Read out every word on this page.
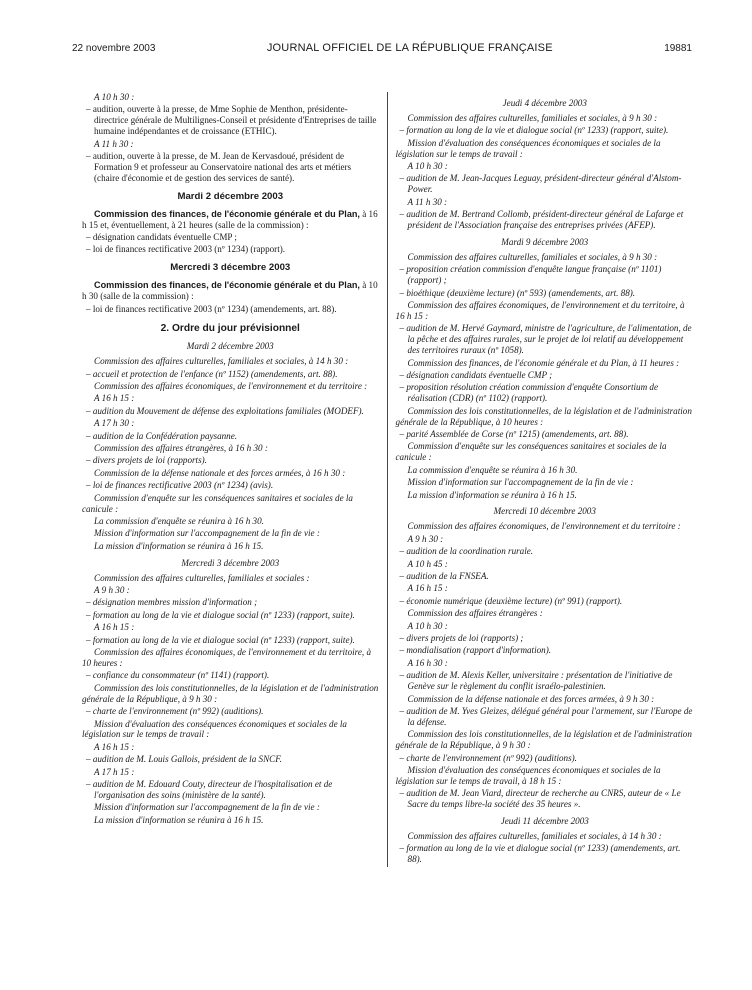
22 novembre 2003	JOURNAL OFFICIEL DE LA RÉPUBLIQUE FRANÇAISE	19881
A 10 h 30 :
– audition, ouverte à la presse, de Mme Sophie de Menthon, présidente-directrice générale de Multilignes-Conseil et présidente d'Entreprises de taille humaine indépendantes et de croissance (ETHIC).
A 11 h 30 :
– audition, ouverte à la presse, de M. Jean de Kervasdoué, président de Formation 9 et professeur au Conservatoire national des arts et métiers (chaire d'économie et de gestion des services de santé).
Mardi 2 décembre 2003
Commission des finances, de l'économie générale et du Plan, à 16 h 15 et, éventuellement, à 21 heures (salle de la commission) :
– désignation candidats éventuelle CMP ;
– loi de finances rectificative 2003 (nº 1234) (rapport).
Mercredi 3 décembre 2003
Commission des finances, de l'économie générale et du Plan, à 10 h 30 (salle de la commission) :
– loi de finances rectificative 2003 (nº 1234) (amendements, art. 88).
2. Ordre du jour prévisionnel
Mardi 2 décembre 2003
Commission des affaires culturelles, familiales et sociales, à 14 h 30 :
– accueil et protection de l'enfance (nº 1152) (amendements, art. 88).
Commission des affaires économiques, de l'environnement et du territoire :
A 16 h 15 :
– audition du Mouvement de défense des exploitations familiales (MODEF).
A 17 h 30 :
– audition de la Confédération paysanne.
Commission des affaires étrangères, à 16 h 30 :
– divers projets de loi (rapports).
Commission de la défense nationale et des forces armées, à 16 h 30 :
– loi de finances rectificative 2003 (nº 1234) (avis).
Commission d'enquête sur les conséquences sanitaires et sociales de la canicule :
La commission d'enquête se réunira à 16 h 30.
Mission d'information sur l'accompagnement de la fin de vie :
La mission d'information se réunira à 16 h 15.
Mercredi 3 décembre 2003
Commission des affaires culturelles, familiales et sociales :
A 9 h 30 :
– désignation membres mission d'information ;
– formation au long de la vie et dialogue social (nº 1233) (rapport, suite).
A 16 h 15 :
– formation au long de la vie et dialogue social (nº 1233) (rapport, suite).
Commission des affaires économiques, de l'environnement et du territoire, à 10 heures :
– confiance du consommateur (nº 1141) (rapport).
Commission des lois constitutionnelles, de la législation et de l'administration générale de la République, à 9 h 30 :
– charte de l'environnement (nº 992) (auditions).
Mission d'évaluation des conséquences économiques et sociales de la législation sur le temps de travail :
A 16 h 15 :
– audition de M. Louis Gallois, président de la SNCF.
A 17 h 15 :
– audition de M. Edouard Couty, directeur de l'hospitalisation et de l'organisation des soins (ministère de la santé).
Mission d'information sur l'accompagnement de la fin de vie :
La mission d'information se réunira à 16 h 15.
Jeudi 4 décembre 2003
Commission des affaires culturelles, familiales et sociales, à 9 h 30 :
– formation au long de la vie et dialogue social (nº 1233) (rapport, suite).
Mission d'évaluation des conséquences économiques et sociales de la législation sur le temps de travail :
A 10 h 30 :
– audition de M. Jean-Jacques Leguay, président-directeur général d'Alstom-Power.
A 11 h 30 :
– audition de M. Bertrand Collomb, président-directeur général de Lafarge et président de l'Association française des entreprises privées (AFEP).
Mardi 9 décembre 2003
Commission des affaires culturelles, familiales et sociales, à 9 h 30 :
– proposition création commission d'enquête langue française (nº 1101) (rapport) ;
– bioéthique (deuxième lecture) (nº 593) (amendements, art. 88).
Commission des affaires économiques, de l'environnement et du territoire, à 16 h 15 :
– audition de M. Hervé Gaymard, ministre de l'agriculture, de l'alimentation, de la pêche et des affaires rurales, sur le projet de loi relatif au développement des territoires ruraux (nº 1058).
Commission des finances, de l'économie générale et du Plan, à 11 heures :
– désignation candidats éventuelle CMP ;
– proposition résolution création commission d'enquête Consortium de réalisation (CDR) (nº 1102) (rapport).
Commission des lois constitutionnelles, de la législation et de l'administration générale de la République, à 10 heures :
– parité Assemblée de Corse (nº 1215) (amendements, art. 88).
Commission d'enquête sur les conséquences sanitaires et sociales de la canicule :
La commission d'enquête se réunira à 16 h 30.
Mission d'information sur l'accompagnement de la fin de vie :
La mission d'information se réunira à 16 h 15.
Mercredi 10 décembre 2003
Commission des affaires économiques, de l'environnement et du territoire :
A 9 h 30 :
– audition de la coordination rurale.
A 10 h 45 :
– audition de la FNSEA.
A 16 h 15 :
– économie numérique (deuxième lecture) (nº 991) (rapport).
Commission des affaires étrangères :
A 10 h 30 :
– divers projets de loi (rapports) ;
– mondialisation (rapport d'information).
A 16 h 30 :
– audition de M. Alexis Keller, universitaire : présentation de l'initiative de Genève sur le règlement du conflit israélo-palestinien.
Commission de la défense nationale et des forces armées, à 9 h 30 :
– audition de M. Yves Gleizes, délégué général pour l'armement, sur l'Europe de la défense.
Commission des lois constitutionnelles, de la législation et de l'administration générale de la République, à 9 h 30 :
– charte de l'environnement (nº 992) (auditions).
Mission d'évaluation des conséquences économiques et sociales de la législation sur le temps de travail, à 18 h 15 :
– audition de M. Jean Viard, directeur de recherche au CNRS, auteur de « Le Sacre du temps libre-la société des 35 heures ».
Jeudi 11 décembre 2003
Commission des affaires culturelles, familiales et sociales, à 14 h 30 :
– formation au long de la vie et dialogue social (nº 1233) (amendements, art. 88).
